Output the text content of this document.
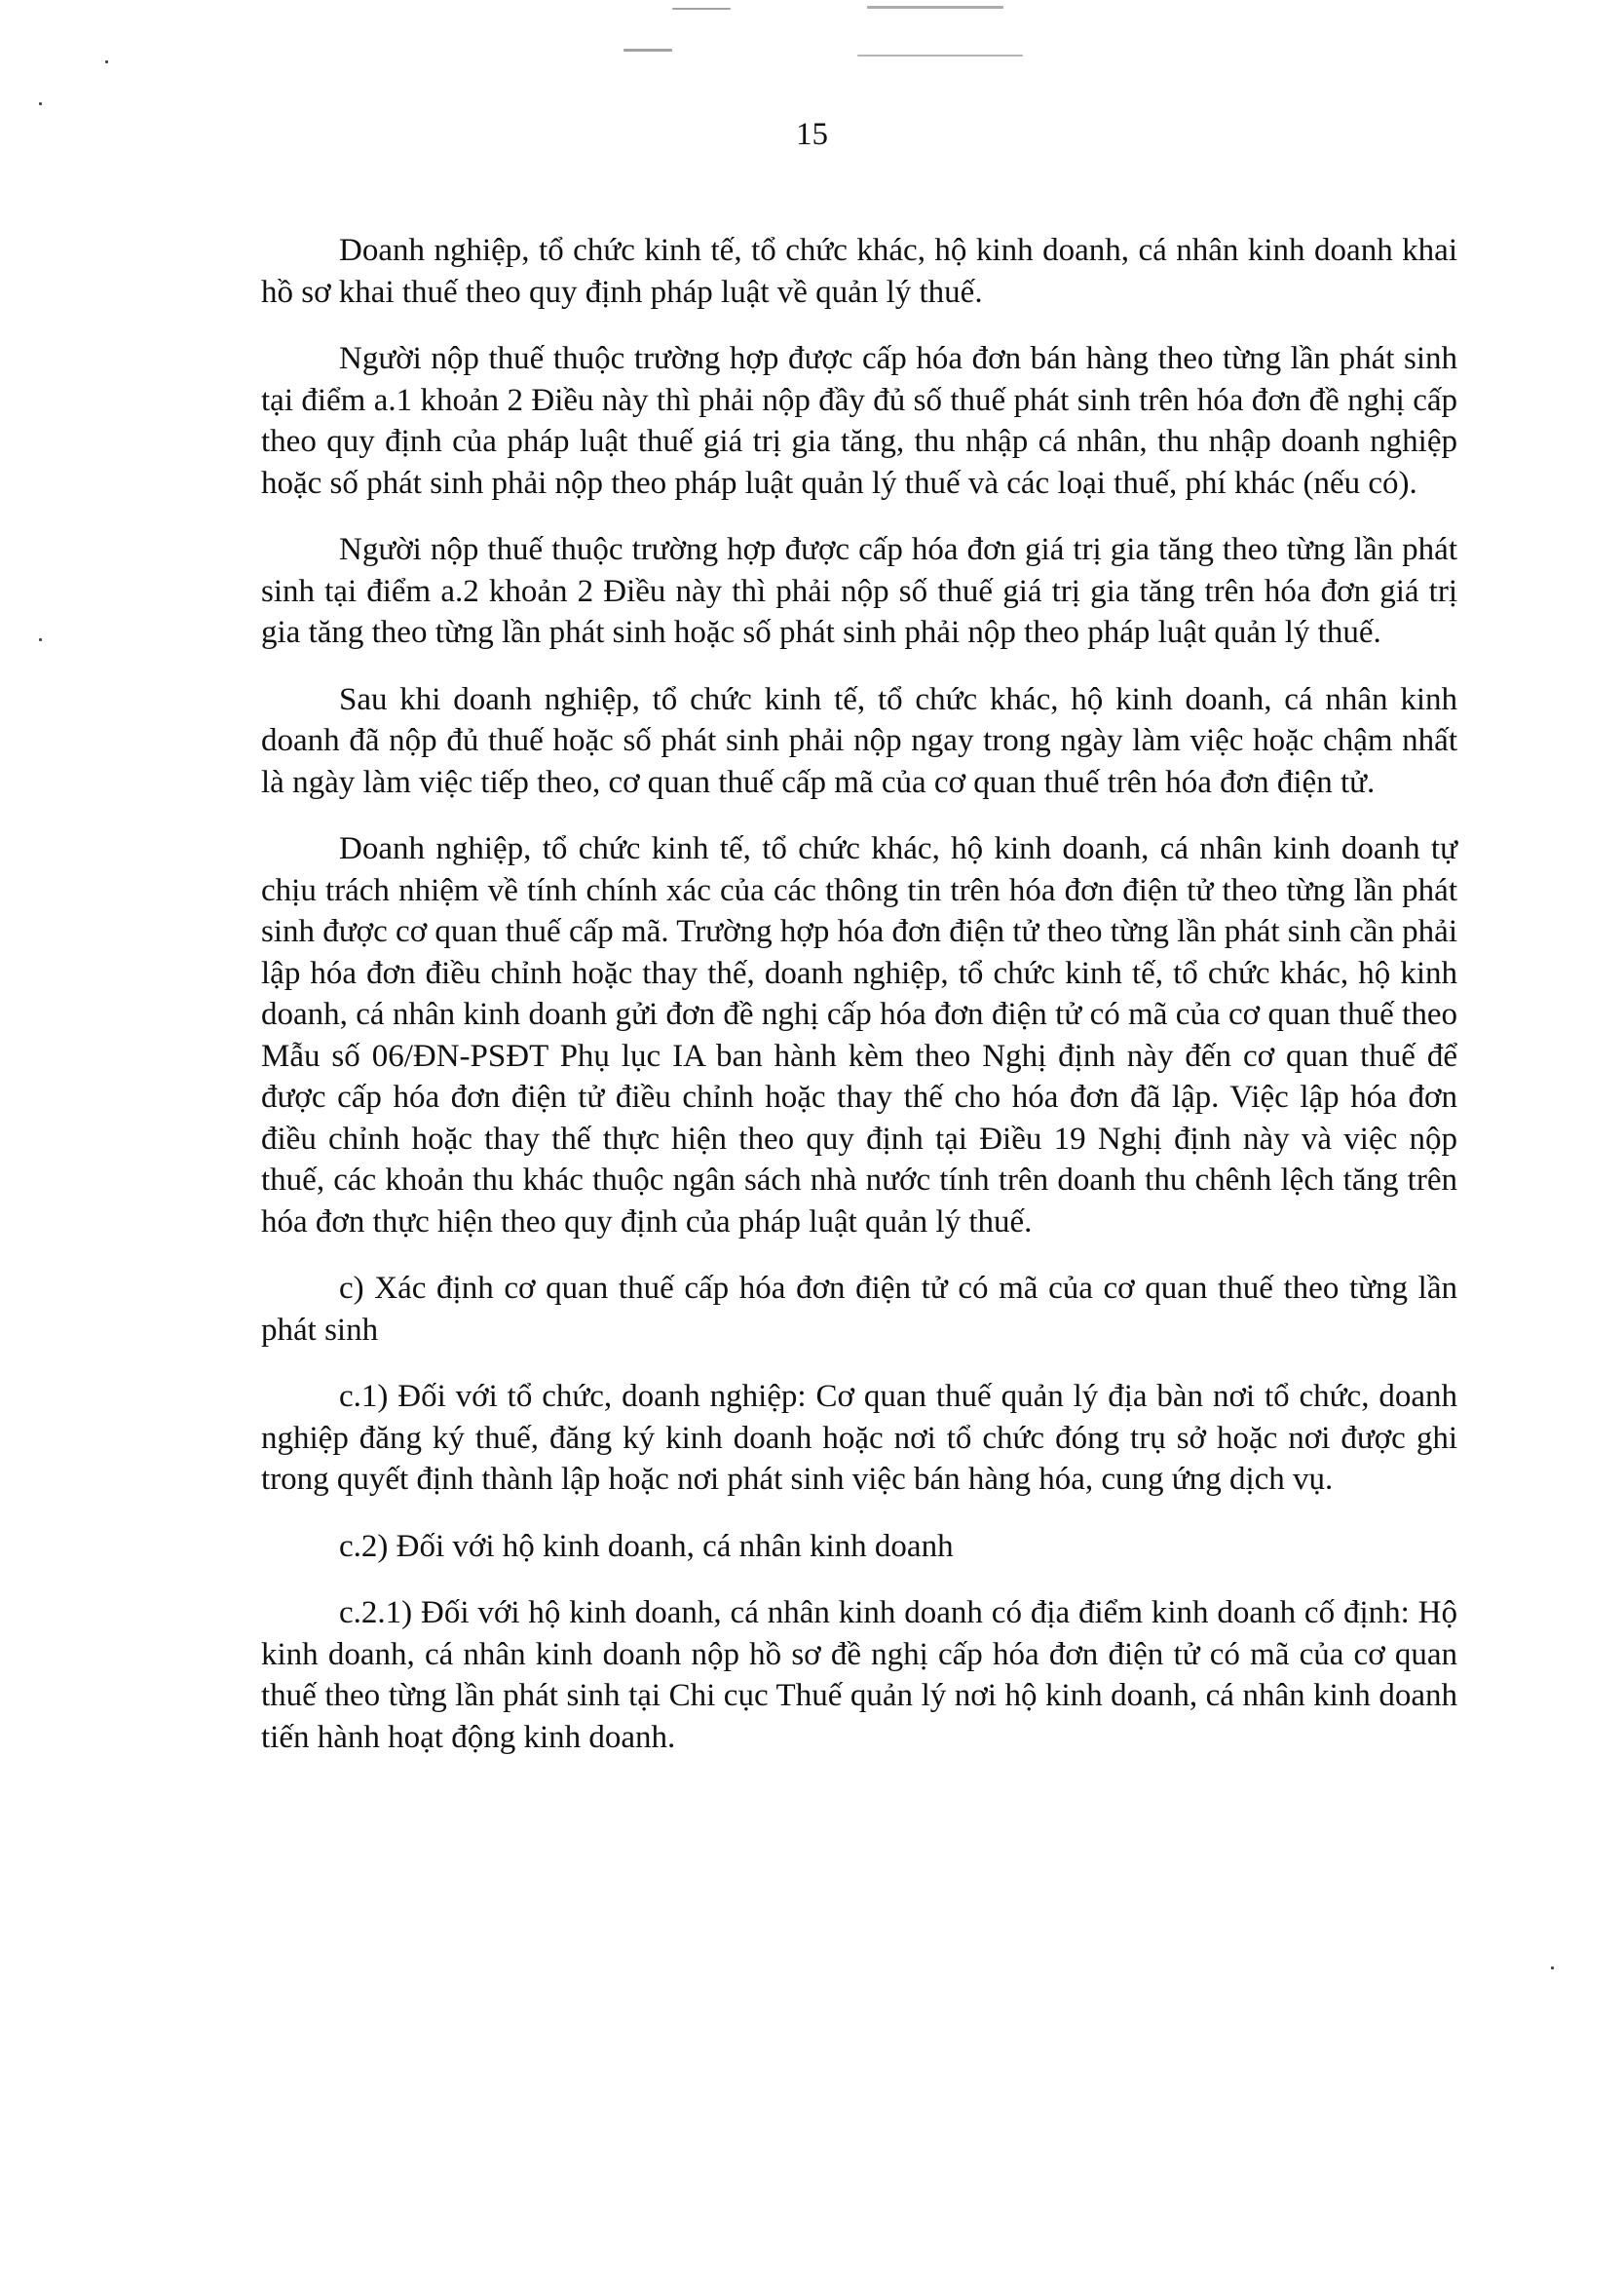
15

Doanh nghiệp, tổ chức kinh tế, tổ chức khác, hộ kinh doanh, cá nhân kinh doanh khai hồ sơ khai thuế theo quy định pháp luật về quản lý thuế.

Người nộp thuế thuộc trường hợp được cấp hóa đơn bán hàng theo từng lần phát sinh tại điểm a.1 khoản 2 Điều này thì phải nộp đầy đủ số thuế phát sinh trên hóa đơn đề nghị cấp theo quy định của pháp luật thuế giá trị gia tăng, thu nhập cá nhân, thu nhập doanh nghiệp hoặc số phát sinh phải nộp theo pháp luật quản lý thuế và các loại thuế, phí khác (nếu có).

Người nộp thuế thuộc trường hợp được cấp hóa đơn giá trị gia tăng theo từng lần phát sinh tại điểm a.2 khoản 2 Điều này thì phải nộp số thuế giá trị gia tăng trên hóa đơn giá trị gia tăng theo từng lần phát sinh hoặc số phát sinh phải nộp theo pháp luật quản lý thuế.

Sau khi doanh nghiệp, tổ chức kinh tế, tổ chức khác, hộ kinh doanh, cá nhân kinh doanh đã nộp đủ thuế hoặc số phát sinh phải nộp ngay trong ngày làm việc hoặc chậm nhất là ngày làm việc tiếp theo, cơ quan thuế cấp mã của cơ quan thuế trên hóa đơn điện tử.

Doanh nghiệp, tổ chức kinh tế, tổ chức khác, hộ kinh doanh, cá nhân kinh doanh tự chịu trách nhiệm về tính chính xác của các thông tin trên hóa đơn điện tử theo từng lần phát sinh được cơ quan thuế cấp mã. Trường hợp hóa đơn điện tử theo từng lần phát sinh cần phải lập hóa đơn điều chỉnh hoặc thay thế, doanh nghiệp, tổ chức kinh tế, tổ chức khác, hộ kinh doanh, cá nhân kinh doanh gửi đơn đề nghị cấp hóa đơn điện tử có mã của cơ quan thuế theo Mẫu số 06/ĐN-PSĐT Phụ lục IA ban hành kèm theo Nghị định này đến cơ quan thuế để được cấp hóa đơn điện tử điều chỉnh hoặc thay thế cho hóa đơn đã lập. Việc lập hóa đơn điều chỉnh hoặc thay thế thực hiện theo quy định tại Điều 19 Nghị định này và việc nộp thuế, các khoản thu khác thuộc ngân sách nhà nước tính trên doanh thu chênh lệch tăng trên hóa đơn thực hiện theo quy định của pháp luật quản lý thuế.

c) Xác định cơ quan thuế cấp hóa đơn điện tử có mã của cơ quan thuế theo từng lần phát sinh

c.1) Đối với tổ chức, doanh nghiệp: Cơ quan thuế quản lý địa bàn nơi tổ chức, doanh nghiệp đăng ký thuế, đăng ký kinh doanh hoặc nơi tổ chức đóng trụ sở hoặc nơi được ghi trong quyết định thành lập hoặc nơi phát sinh việc bán hàng hóa, cung ứng dịch vụ.

c.2) Đối với hộ kinh doanh, cá nhân kinh doanh

c.2.1) Đối với hộ kinh doanh, cá nhân kinh doanh có địa điểm kinh doanh cố định: Hộ kinh doanh, cá nhân kinh doanh nộp hồ sơ đề nghị cấp hóa đơn điện tử có mã của cơ quan thuế theo từng lần phát sinh tại Chi cục Thuế quản lý nơi hộ kinh doanh, cá nhân kinh doanh tiến hành hoạt động kinh doanh.
